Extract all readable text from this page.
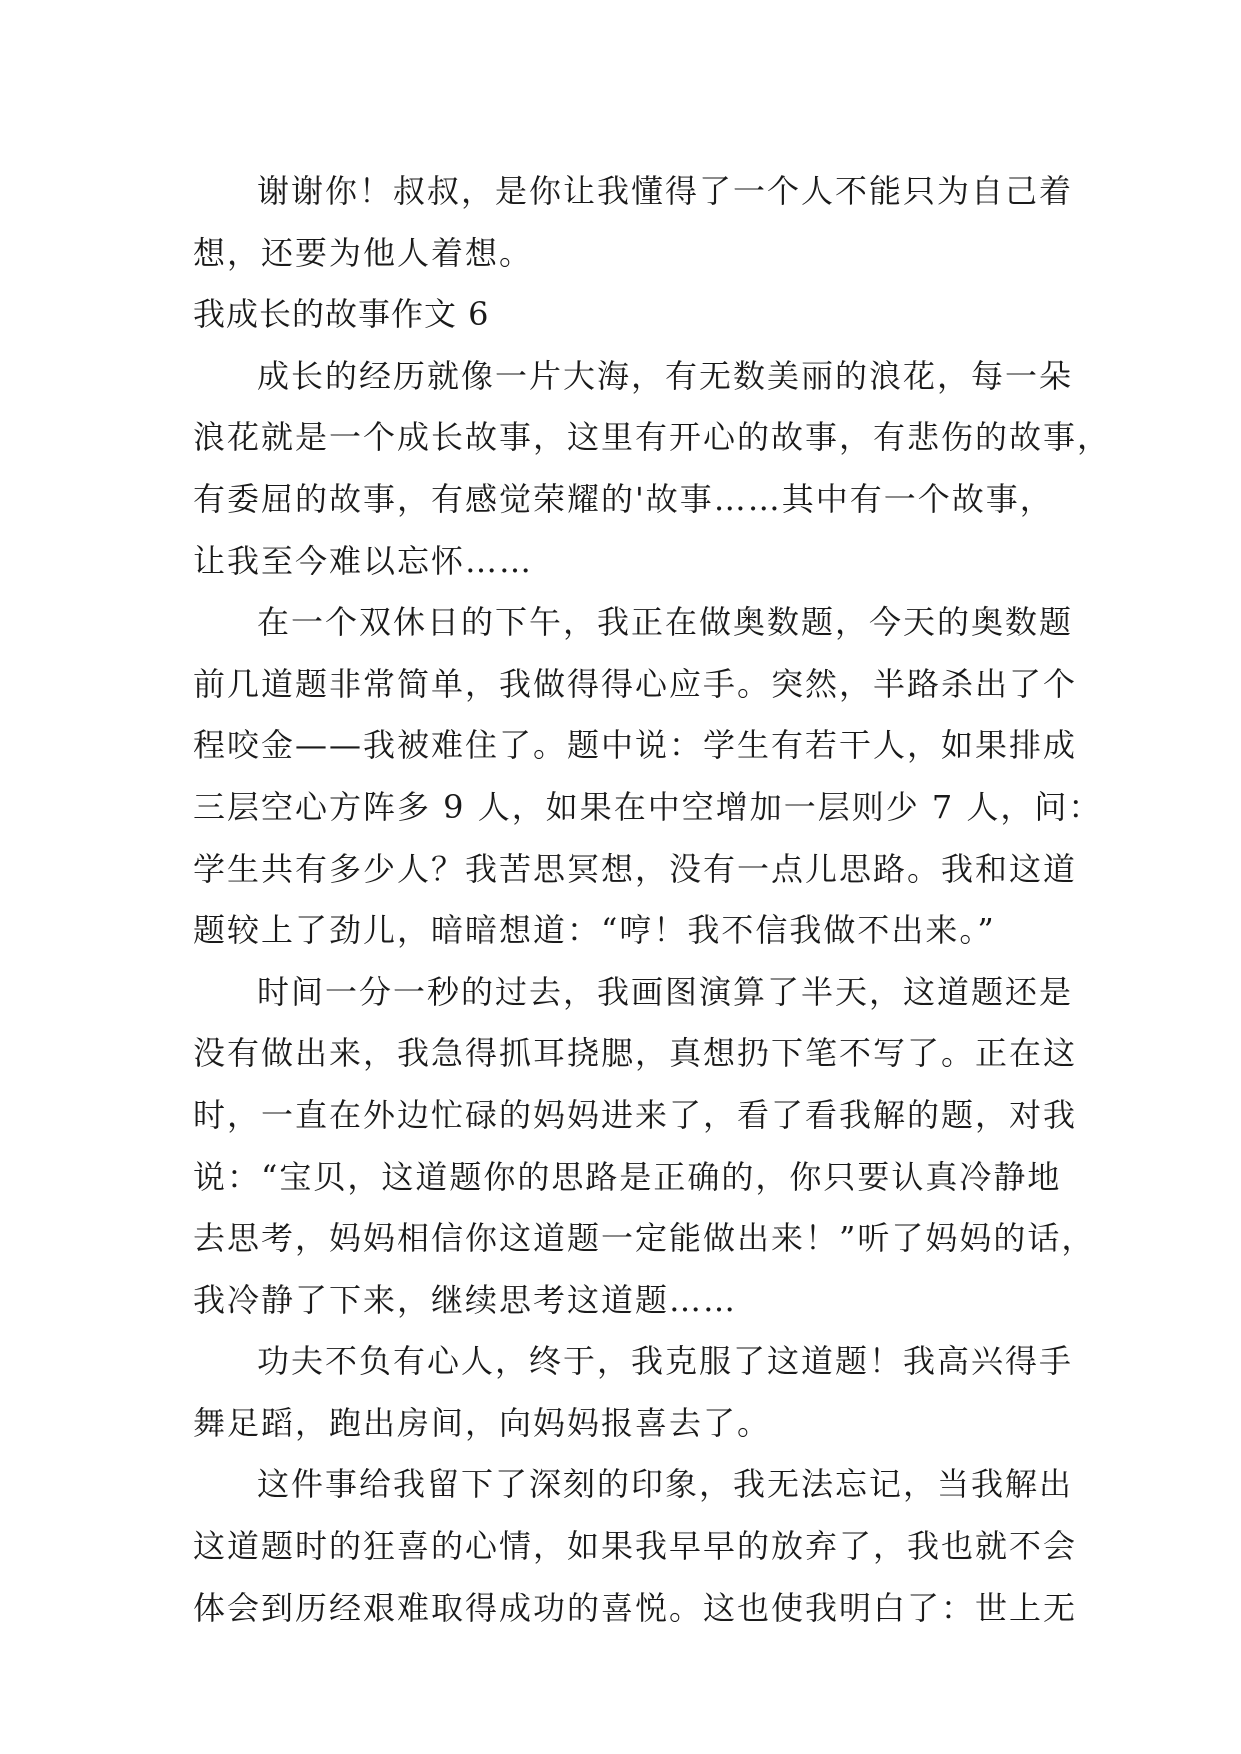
谢谢你！叔叔，是你让我懂得了一个人不能只为自己着
想，还要为他人着想。
我成长的故事作文 6
成长的经历就像一片大海，有无数美丽的浪花，每一朵
浪花就是一个成长故事，这里有开心的故事，有悲伤的故事，
有委屈的故事，有感觉荣耀的'故事……其中有一个故事，
让我至今难以忘怀……
在一个双休日的下午，我正在做奥数题，今天的奥数题
前几道题非常简单，我做得得心应手。突然，半路杀出了个
程咬金——我被难住了。题中说：学生有若干人，如果排成
三层空心方阵多 9 人，如果在中空增加一层则少 7 人，问：
学生共有多少人？我苦思冥想，没有一点儿思路。我和这道
题较上了劲儿，暗暗想道：“哼！我不信我做不出来。”
时间一分一秒的过去，我画图演算了半天，这道题还是
没有做出来，我急得抓耳挠腮，真想扔下笔不写了。正在这
时，一直在外边忙碌的妈妈进来了，看了看我解的题，对我
说：“宝贝，这道题你的思路是正确的，你只要认真冷静地
去思考，妈妈相信你这道题一定能做出来！”听了妈妈的话，
我冷静了下来，继续思考这道题……
功夫不负有心人，终于，我克服了这道题！我高兴得手
舞足蹈，跑出房间，向妈妈报喜去了。
这件事给我留下了深刻的印象，我无法忘记，当我解出
这道题时的狂喜的心情，如果我早早的放弃了，我也就不会
体会到历经艰难取得成功的喜悦。这也使我明白了：世上无
